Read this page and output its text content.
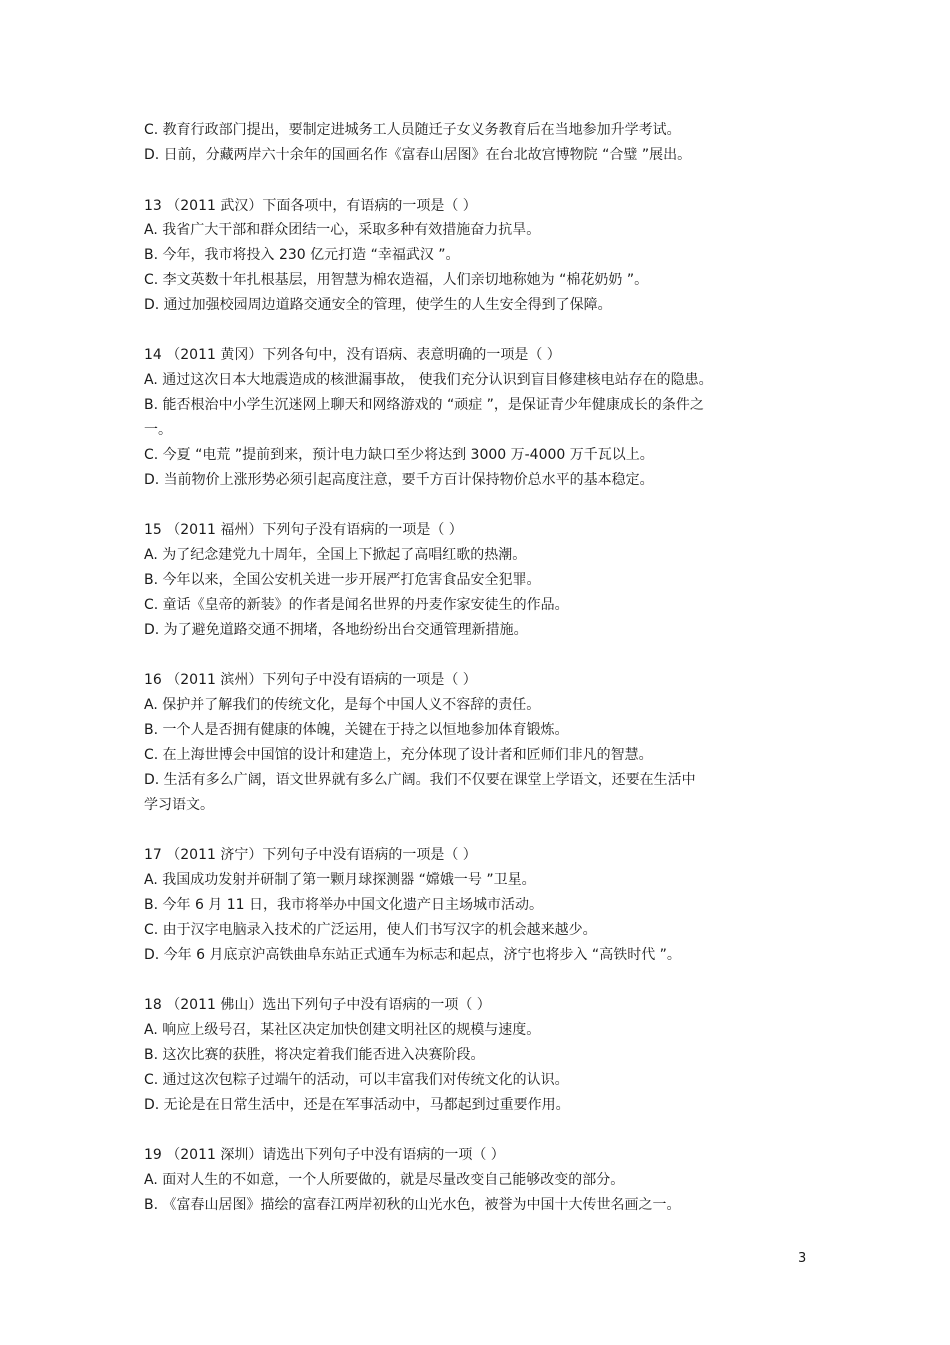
C. 教育行政部门提出，要制定进城务工人员随迁子女义务教育后在当地参加升学考试。
D. 日前，分藏两岸六十余年的国画名作《富春山居图》在台北故宫博物院 “合璧 ”展出。
13 （2011 武汉）下面各项中，有语病的一项是（ ）
A. 我省广大干部和群众团结一心，采取多种有效措施奋力抗旱。
B. 今年，我市将投入 230 亿元打造 “幸福武汉 ”。
C. 李文英数十年扎根基层，用智慧为棉农造福，人们亲切地称她为 “棉花奶奶 ”。
D. 通过加强校园周边道路交通安全的管理，使学生的人生安全得到了保障。
14 （2011 黄冈）下列各句中，没有语病、表意明确的一项是（ ）
A. 通过这次日本大地震造成的核泄漏事故， 使我们充分认识到盲目修建核电站存在的隐患。
B. 能否根治中小学生沉迷网上聊天和网络游戏的 “顽症 ”，是保证青少年健康成长的条件之
一。
C. 今夏 “电荒 ”提前到来，预计电力缺口至少将达到 3000 万-4000 万千瓦以上。
D. 当前物价上涨形势必须引起高度注意，要千方百计保持物价总水平的基本稳定。
15 （2011 福州）下列句子没有语病的一项是（ ）
A. 为了纪念建党九十周年，全国上下掀起了高唱红歌的热潮。
B. 今年以来，全国公安机关进一步开展严打危害食品安全犯罪。
C. 童话《皇帝的新装》的作者是闻名世界的丹麦作家安徒生的作品。
D. 为了避免道路交通不拥堵，各地纷纷出台交通管理新措施。
16 （2011 滨州）下列句子中没有语病的一项是（ ）
A. 保护并了解我们的传统文化，是每个中国人义不容辞的责任。
B. 一个人是否拥有健康的体魄，关键在于持之以恒地参加体育锻炼。
C. 在上海世博会中国馆的设计和建造上，充分体现了设计者和匠师们非凡的智慧。
D. 生活有多么广阔，语文世界就有多么广阔。我们不仅要在课堂上学语文，还要在生活中
学习语文。
17 （2011 济宁）下列句子中没有语病的一项是（ ）
A. 我国成功发射并研制了第一颗月球探测器 “嫦娥一号 ”卫星。
B. 今年 6 月 11 日，我市将举办中国文化遗产日主场城市活动。
C. 由于汉字电脑录入技术的广泛运用，使人们书写汉字的机会越来越少。
D. 今年 6 月底京沪高铁曲阜东站正式通车为标志和起点，济宁也将步入 “高铁时代 ”。
18 （2011 佛山）选出下列句子中没有语病的一项（ ）
A. 响应上级号召，某社区决定加快创建文明社区的规模与速度。
B. 这次比赛的获胜，将决定着我们能否进入决赛阶段。
C. 通过这次包粽子过端午的活动，可以丰富我们对传统文化的认识。
D. 无论是在日常生活中，还是在军事活动中，马都起到过重要作用。
19 （2011 深圳）请选出下列句子中没有语病的一项（ ）
A. 面对人生的不如意，一个人所要做的，就是尽量改变自己能够改变的部分。
B. 《富春山居图》描绘的富春江两岸初秋的山光水色，被誉为中国十大传世名画之一。
3
